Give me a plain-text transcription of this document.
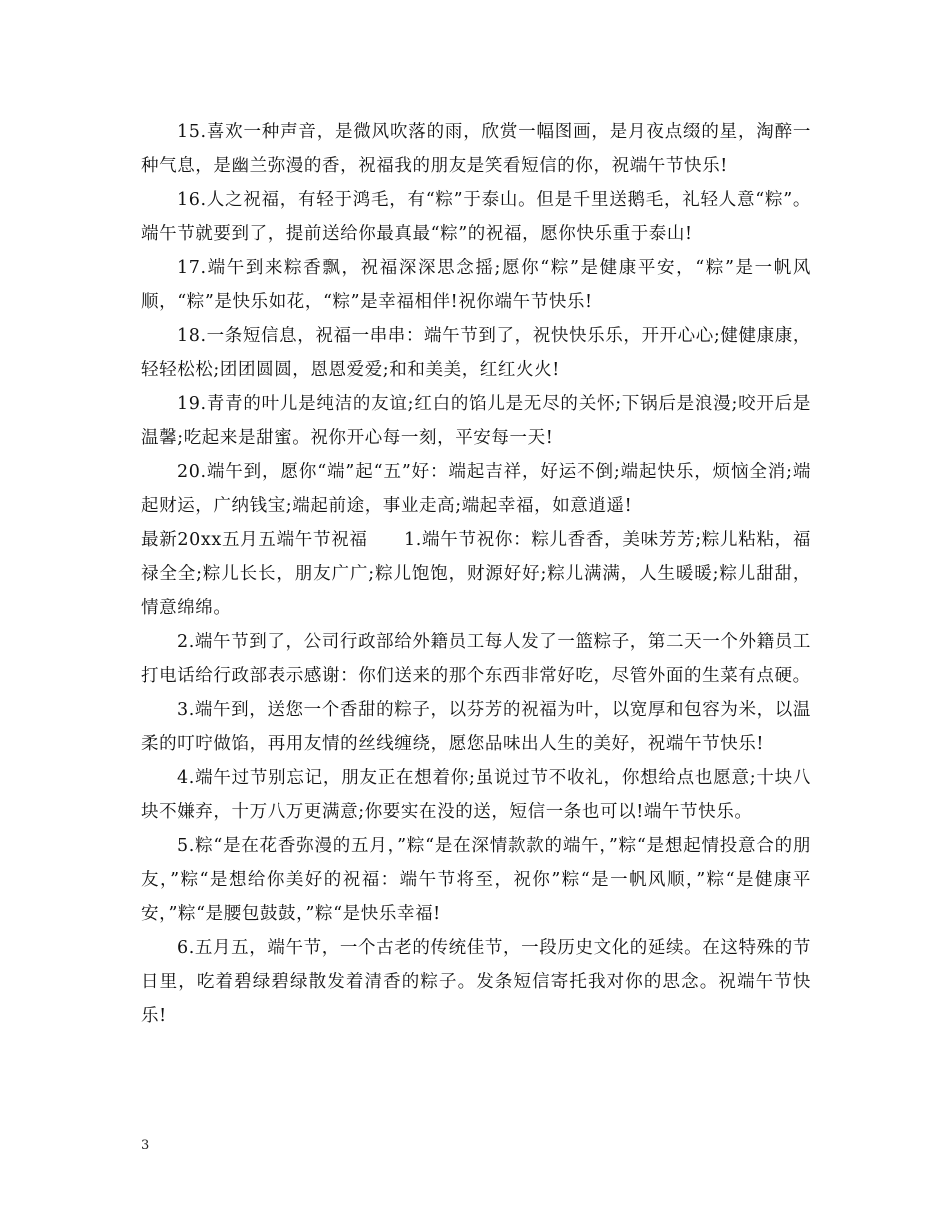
15.喜欢一种声音，是微风吹落的雨，欣赏一幅图画，是月夜点缀的星，淘醉一种气息，是幽兰弥漫的香，祝福我的朋友是笑看短信的你，祝端午节快乐!

16.人之祝福，有轻于鸿毛，有“粽”于泰山。但是千里送鹅毛，礼轻人意“粽”。端午节就要到了，提前送给你最真最“粽”的祝福，愿你快乐重于泰山!

17.端午到来粽香飘，祝福深深思念摇;愿你“粽”是健康平安，“粽”是一帆风顺，“粽”是快乐如花，“粽”是幸福相伴!祝你端午节快乐!

18.一条短信息，祝福一串串：端午节到了，祝快快乐乐，开开心心;健健康康，轻轻松松;团团圆圆，恩恩爱爱;和和美美，红红火火!

19.青青的叶儿是纯洁的友谊;红白的馅儿是无尽的关怀;下锅后是浪漫;咬开后是温馨;吃起来是甜蜜。祝你开心每一刻，平安每一天!

20.端午到，愿你“端”起“五”好：端起吉祥，好运不倒;端起快乐，烦恼全消;端起财运，广纳钱宝;端起前途，事业走高;端起幸福，如意逍遥!

最新20xx五月五端午节祝福　　1.端午节祝你：粽儿香香，美味芳芳;粽儿粘粘，福禄全全;粽儿长长，朋友广广;粽儿饱饱，财源好好;粽儿满满，人生暖暖;粽儿甜甜，情意绵绵。

2.端午节到了，公司行政部给外籍员工每人发了一篮粽子，第二天一个外籍员工打电话给行政部表示感谢：你们送来的那个东西非常好吃，尽管外面的生菜有点硬。

3.端午到，送您一个香甜的粽子，以芬芳的祝福为叶，以宽厚和包容为米，以温柔的叮咛做馅，再用友情的丝线缠绕，愿您品味出人生的美好，祝端午节快乐!

4.端午过节别忘记，朋友正在想着你;虽说过节不收礼，你想给点也愿意;十块八块不嫌弃，十万八万更满意;你要实在没的送，短信一条也可以!端午节快乐。

5.粽“是在花香弥漫的五月，”粽“是在深情款款的端午，”粽“是想起情投意合的朋友，”粽“是想给你美好的祝福：端午节将至，祝你”粽“是一帆风顺，”粽“是健康平安，”粽“是腰包鼓鼓，”粽“是快乐幸福!

6.五月五，端午节，一个古老的传统佳节，一段历史文化的延续。在这特殊的节日里，吃着碧绿碧绿散发着清香的粽子。发条短信寄托我对你的思念。祝端午节快乐!

3
